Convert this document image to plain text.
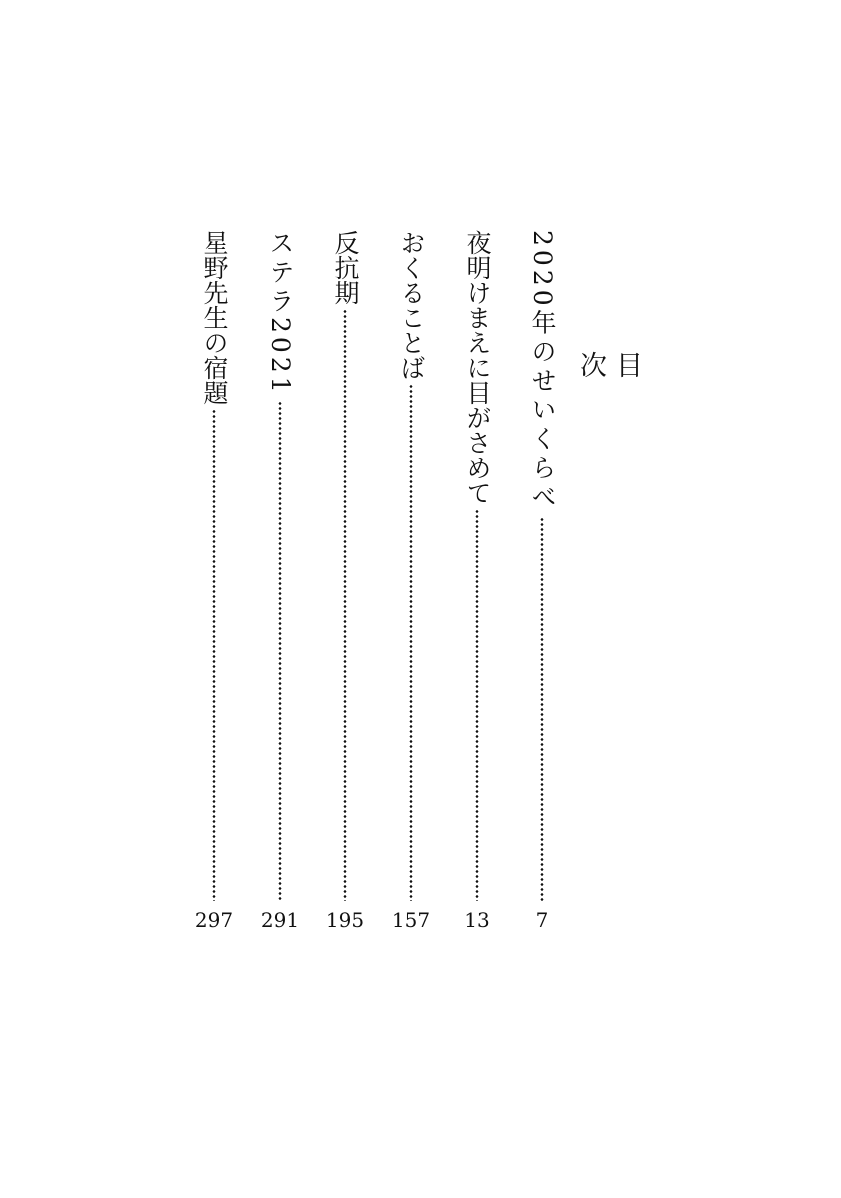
目 次
2020年のせいくらべ
7
夜明けまえに目がさめて
13
おくることば
157
反抗期
195
ステラ2021
291
星野先生の宿題
297
